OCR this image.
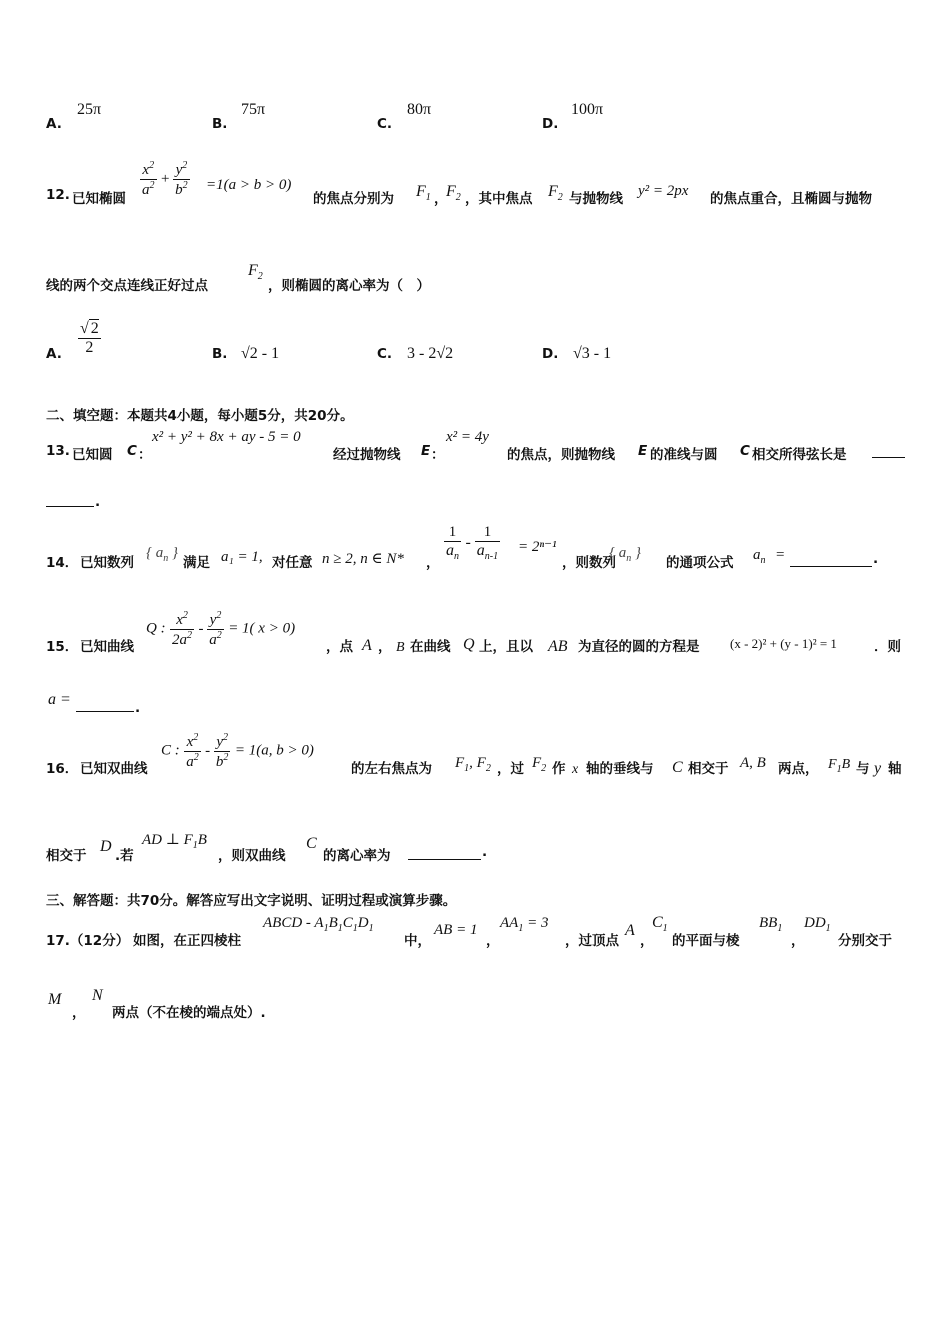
A.
25π
B.
75π
C.
80π
D.
100π
12. 已知椭圆
$\frac{x^2}{a^2} + \frac{y^2}{b^2} =1(a > b > 0)$
的焦点分别为 $F_1$ ，
$F_2$ ，其中焦点 $F_2$ 与抛物线 y² = 2px 的焦点重合，且椭圆与抛物
线的两个交点连线正好过点
$F_2$
，则椭圆的离心率为（　）
A. $\frac{√ 2}{2}$	B. √2 - 1	C. 3 - 2√2	D. √3 - 1
二、填空题：本题共4小题，每小题5分，共20分。
13. 已知圆 C ：
x² + y² + 8x + ay - 5 = 0
经过抛物线 E ：
x² = 4y
的焦点，则抛物线 E 的准线与圆 C 相交所得弦长是
.
14． 已知数列
{ $a_n$ }
满足 a₁ = 1, 对任意 n ≥ 2, n ∈ N* ，
$\frac{1}{a_n} - \frac{1}{a_{n-1}} = 2^{n-1}$
，则数列
{ $a_n$ }
的通项公式 $a_n$ =	.
15． 已知曲线
Q : $\frac{x^2}{2a^2} - \frac{y^2}{a^2} = 1$( x > 0)
，点 A ， B 在曲线 Q 上，且以 AB 为直径的圆的方程是 (x - 2)² + (y - 1)² = 1	．则
a =	.
16． 已知双曲线
C : $\frac{x^2}{a^2} - \frac{y^2}{b^2} = 1(a$, b > 0)
的左右焦点为 $F_1$, $F_2$ ，过 $F_2$ 作 x 轴的垂线与 C 相交于 A, B 两点， $F_1B$ 与 y 轴
相交于
D
.若
AD ⊥ $F_1B$
，则双曲线
C
的离心率为	.
三、解答题：共70分。解答应写出文字说明、证明过程或演算步骤。
17.（12分） 如图，在正四棱柱
ABCD - $A_1B_1C_1D_1$
中，
AB = 1
，
$AA_1 = 3$
，过顶点
A
，
$C_1$
的平面与棱
$BB_1$
，
$DD_1$
分别交于
M
，
N
两点（不在棱的端点处）.
